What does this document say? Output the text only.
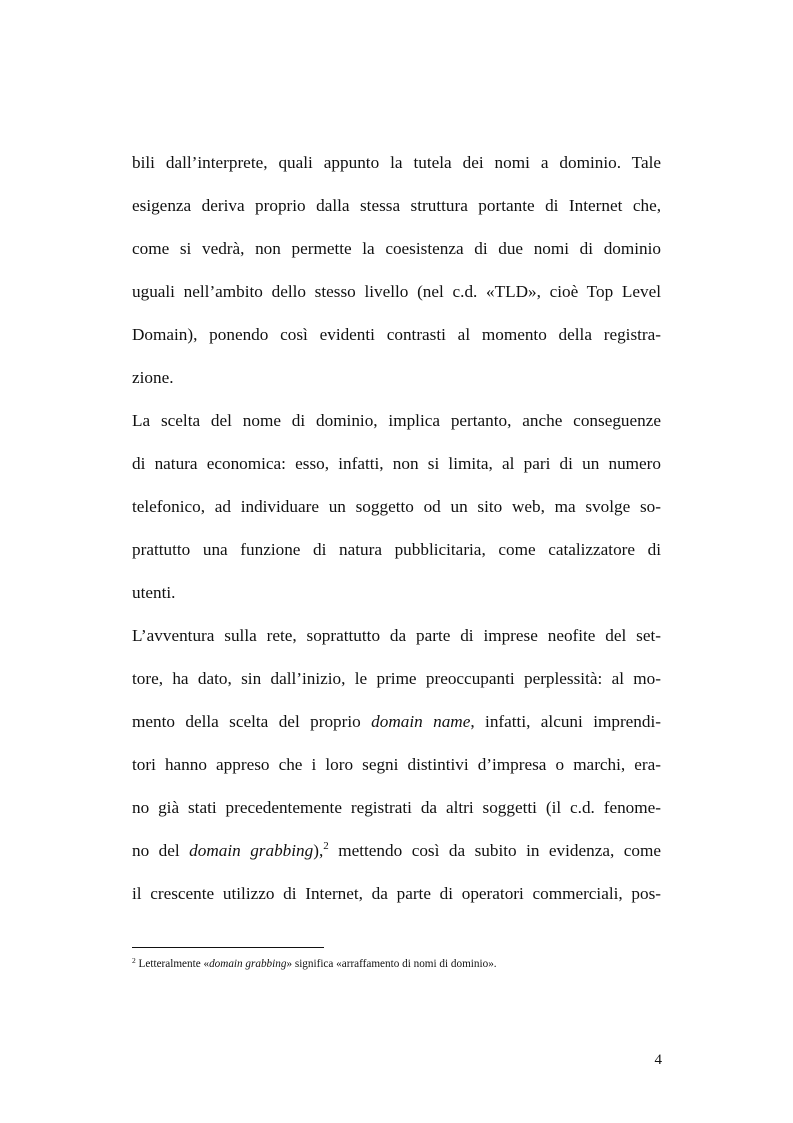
bili dall’interprete, quali appunto la tutela dei nomi a dominio. Tale
esigenza deriva proprio dalla stessa struttura portante di Internet che,
come si vedrà, non permette la coesistenza di due nomi di dominio
uguali nell’ambito dello stesso livello (nel c.d. «TLD», cioè Top Level
Domain), ponendo così evidenti contrasti al momento della registra-
zione.
La scelta del nome di dominio, implica pertanto, anche conseguenze
di natura economica: esso, infatti, non si limita, al pari di un numero
telefonico, ad individuare un soggetto od un sito web, ma svolge so-
prattutto una funzione di natura pubblicitaria, come catalizzatore di
utenti.
L’avventura sulla rete, soprattutto da parte di imprese neofite del set-
tore, ha dato, sin dall’inizio, le prime preoccupanti perplessità: al mo-
mento della scelta del proprio domain name, infatti, alcuni imprendi-
tori hanno appreso che i loro segni distintivi d’impresa o marchi, era-
no già stati precedentemente registrati da altri soggetti (il c.d. fenome-
no del domain grabbing),$^2$ mettendo così da subito in evidenza, come
il crescente utilizzo di Internet, da parte di operatori commerciali, pos-
$^2$ Letteralmente «domain grabbing» significa «arraffamento di nomi di dominio».
4
